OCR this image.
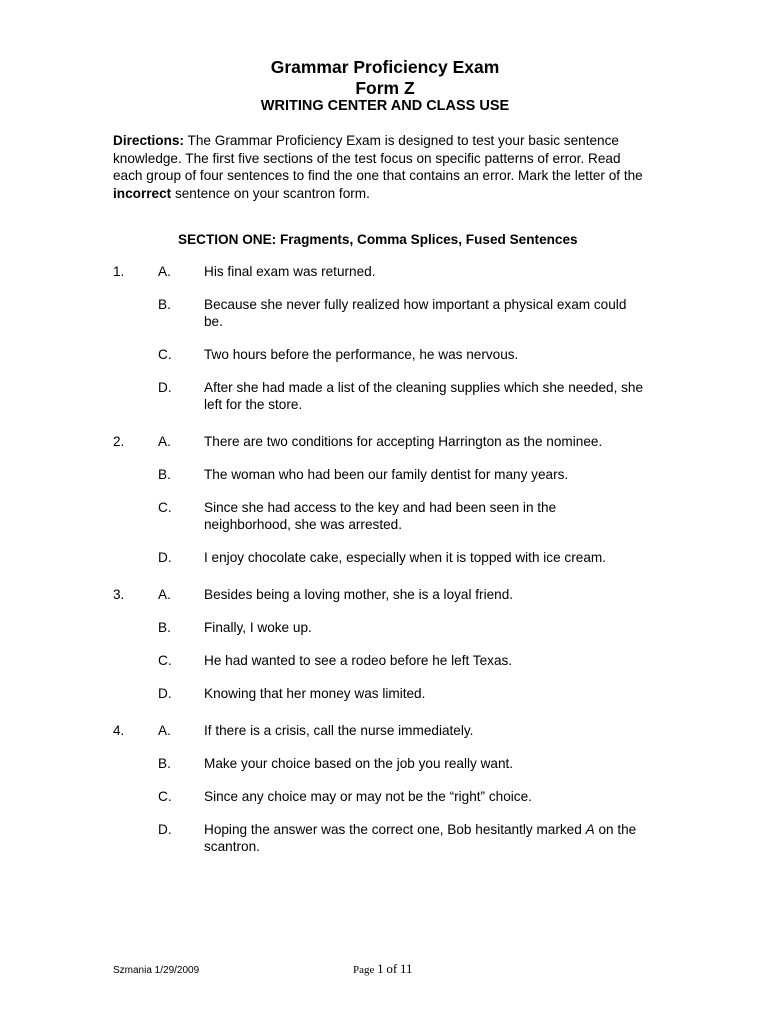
Grammar Proficiency Exam
Form Z
WRITING CENTER AND CLASS USE
Directions: The Grammar Proficiency Exam is designed to test your basic sentence knowledge. The first five sections of the test focus on specific patterns of error. Read each group of four sentences to find the one that contains an error. Mark the letter of the incorrect sentence on your scantron form.
SECTION ONE: Fragments, Comma Splices, Fused Sentences
1. A. His final exam was returned.
B. Because she never fully realized how important a physical exam could be.
C. Two hours before the performance, he was nervous.
D. After she had made a list of the cleaning supplies which she needed, she left for the store.
2. A. There are two conditions for accepting Harrington as the nominee.
B. The woman who had been our family dentist for many years.
C. Since she had access to the key and had been seen in the neighborhood, she was arrested.
D. I enjoy chocolate cake, especially when it is topped with ice cream.
3. A. Besides being a loving mother, she is a loyal friend.
B. Finally, I woke up.
C. He had wanted to see a rodeo before he left Texas.
D. Knowing that her money was limited.
4. A. If there is a crisis, call the nurse immediately.
B. Make your choice based on the job you really want.
C. Since any choice may or may not be the “right” choice.
D. Hoping the answer was the correct one, Bob hesitantly marked A on the scantron.
Szmania 1/29/2009	Page 1 of 11
